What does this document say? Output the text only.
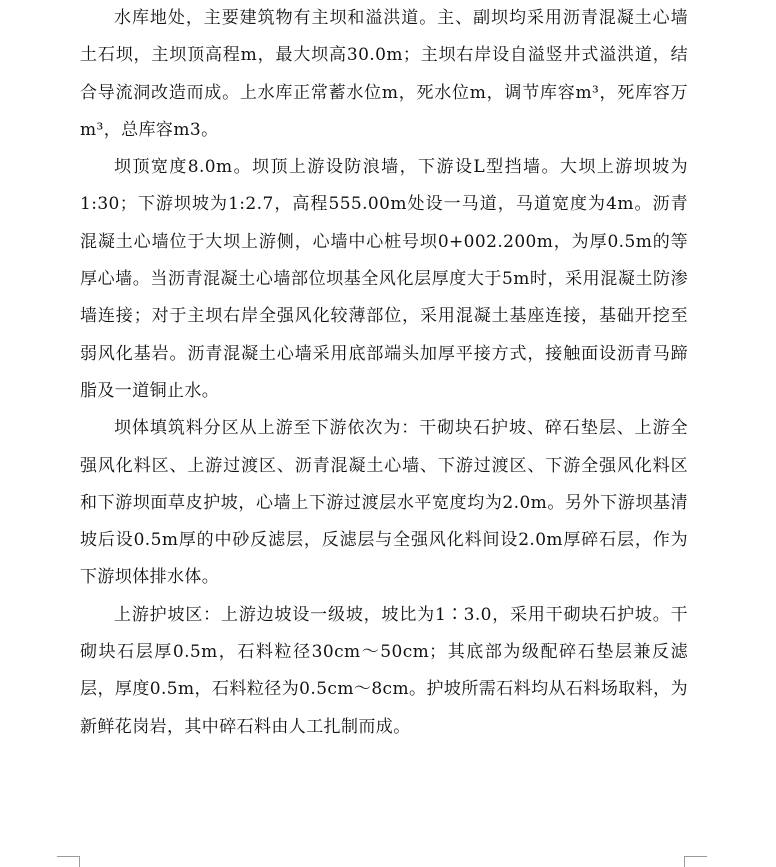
水库地处，主要建筑物有主坝和溢洪道。主、副坝均采用沥青混凝土心墙土石坝，主坝顶高程m，最大坝高30.0m；主坝右岸设自溢竖井式溢洪道，结合导流洞改造而成。上水库正常蓄水位m，死水位m，调节库容m³，死库容万m³，总库容m3。

坝顶宽度8.0m。坝顶上游设防浪墙，下游设L型挡墙。大坝上游坝坡为1:30；下游坝坡为1:2.7，高程555.00m处设一马道，马道宽度为4m。沥青混凝土心墙位于大坝上游侧，心墙中心桩号坝0+002.200m，为厚0.5m的等厚心墙。当沥青混凝土心墙部位坝基全风化层厚度大于5m时，采用混凝土防渗墙连接；对于主坝右岸全强风化较薄部位，采用混凝土基座连接，基础开挖至弱风化基岩。沥青混凝土心墙采用底部端头加厚平接方式，接触面设沥青马蹄脂及一道铜止水。

坝体填筑料分区从上游至下游依次为：干砌块石护坡、碎石垫层、上游全强风化料区、上游过渡区、沥青混凝土心墙、下游过渡区、下游全强风化料区和下游坝面草皮护坡，心墙上下游过渡层水平宽度均为2.0m。另外下游坝基清坡后设0.5m厚的中砂反滤层，反滤层与全强风化料间设2.0m厚碎石层，作为下游坝体排水体。

上游护坡区：上游边坡设一级坡，坡比为1∶3.0，采用干砌块石护坡。干砌块石层厚0.5m，石料粒径30cm～50cm；其底部为级配碎石垫层兼反滤层，厚度0.5m，石料粒径为0.5cm～8cm。护坡所需石料均从石料场取料，为新鲜花岗岩，其中碎石料由人工扎制而成。
